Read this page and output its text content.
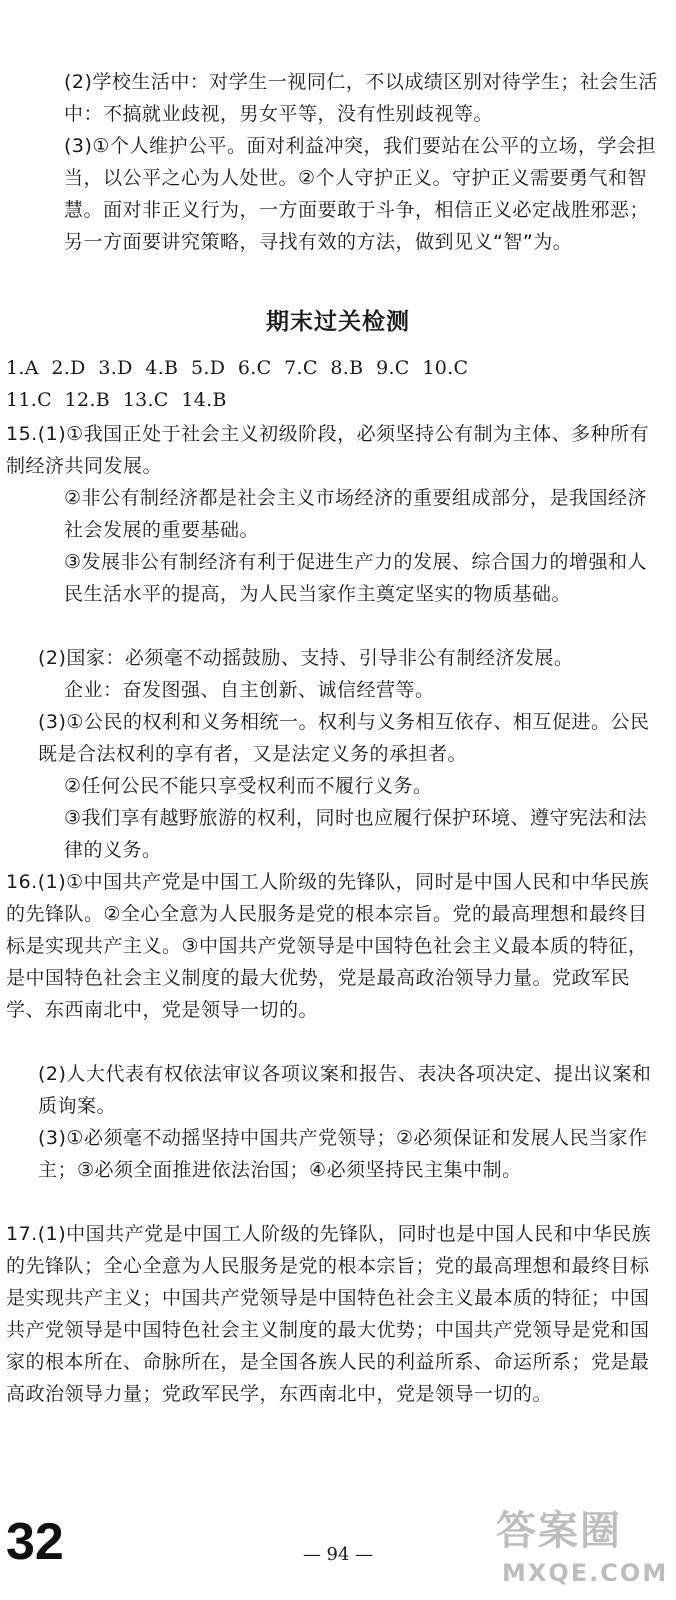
(2)学校生活中：对学生一视同仁，不以成绩区别对待学生；社会生活中：不搞就业歧视，男女平等，没有性别歧视等。

(3)①个人维护公平。面对利益冲突，我们要站在公平的立场，学会担当，以公平之心为人处世。②个人守护正义。守护正义需要勇气和智慧。面对非正义行为，一方面要敢于斗争，相信正义必定战胜邪恶；另一方面要讲究策略，寻找有效的方法，做到见义“智”为。

期末过关检测
1.A  2.D  3.D  4.B  5.D  6.C  7.C  8.B  9.C  10.C
11.C  12.B  13.C  14.B

15.(1)①我国正处于社会主义初级阶段，必须坚持公有制为主体、多种所有制经济共同发展。

②非公有制经济都是社会主义市场经济的重要组成部分，是我国经济社会发展的重要基础。

③发展非公有制经济有利于促进生产力的发展、综合国力的增强和人民生活水平的提高，为人民当家作主奠定坚实的物质基础。

(2)国家：必须毫不动摇鼓励、支持、引导非公有制经济发展。

企业：奋发图强、自主创新、诚信经营等。

(3)①公民的权利和义务相统一。权利与义务相互依存、相互促进。公民既是合法权利的享有者，又是法定义务的承担者。

②任何公民不能只享受权利而不履行义务。

③我们享有越野旅游的权利，同时也应履行保护环境、遵守宪法和法律的义务。

16.(1)①中国共产党是中国工人阶级的先锋队，同时是中国人民和中华民族的先锋队。②全心全意为人民服务是党的根本宗旨。党的最高理想和最终目标是实现共产主义。③中国共产党领导是中国特色社会主义最本质的特征，是中国特色社会主义制度的最大优势，党是最高政治领导力量。党政军民学、东西南北中，党是领导一切的。

(2)人大代表有权依法审议各项议案和报告、表决各项决定、提出议案和质询案。

(3)①必须毫不动摇坚持中国共产党领导；②必须保证和发展人民当家作主；③必须全面推进依法治国；④必须坚持民主集中制。

17.(1)中国共产党是中国工人阶级的先锋队，同时也是中国人民和中华民族的先锋队；全心全意为人民服务是党的根本宗旨；党的最高理想和最终目标是实现共产主义；中国共产党领导是中国特色社会主义最本质的特征；中国共产党领导是中国特色社会主义制度的最大优势；中国共产党领导是党和国家的根本所在、命脉所在，是全国各族人民的利益所系、命运所系；党是最高政治领导力量；党政军民学，东西南北中，党是领导一切的。

32	— 94 —
答案圈
MXQE.COM
